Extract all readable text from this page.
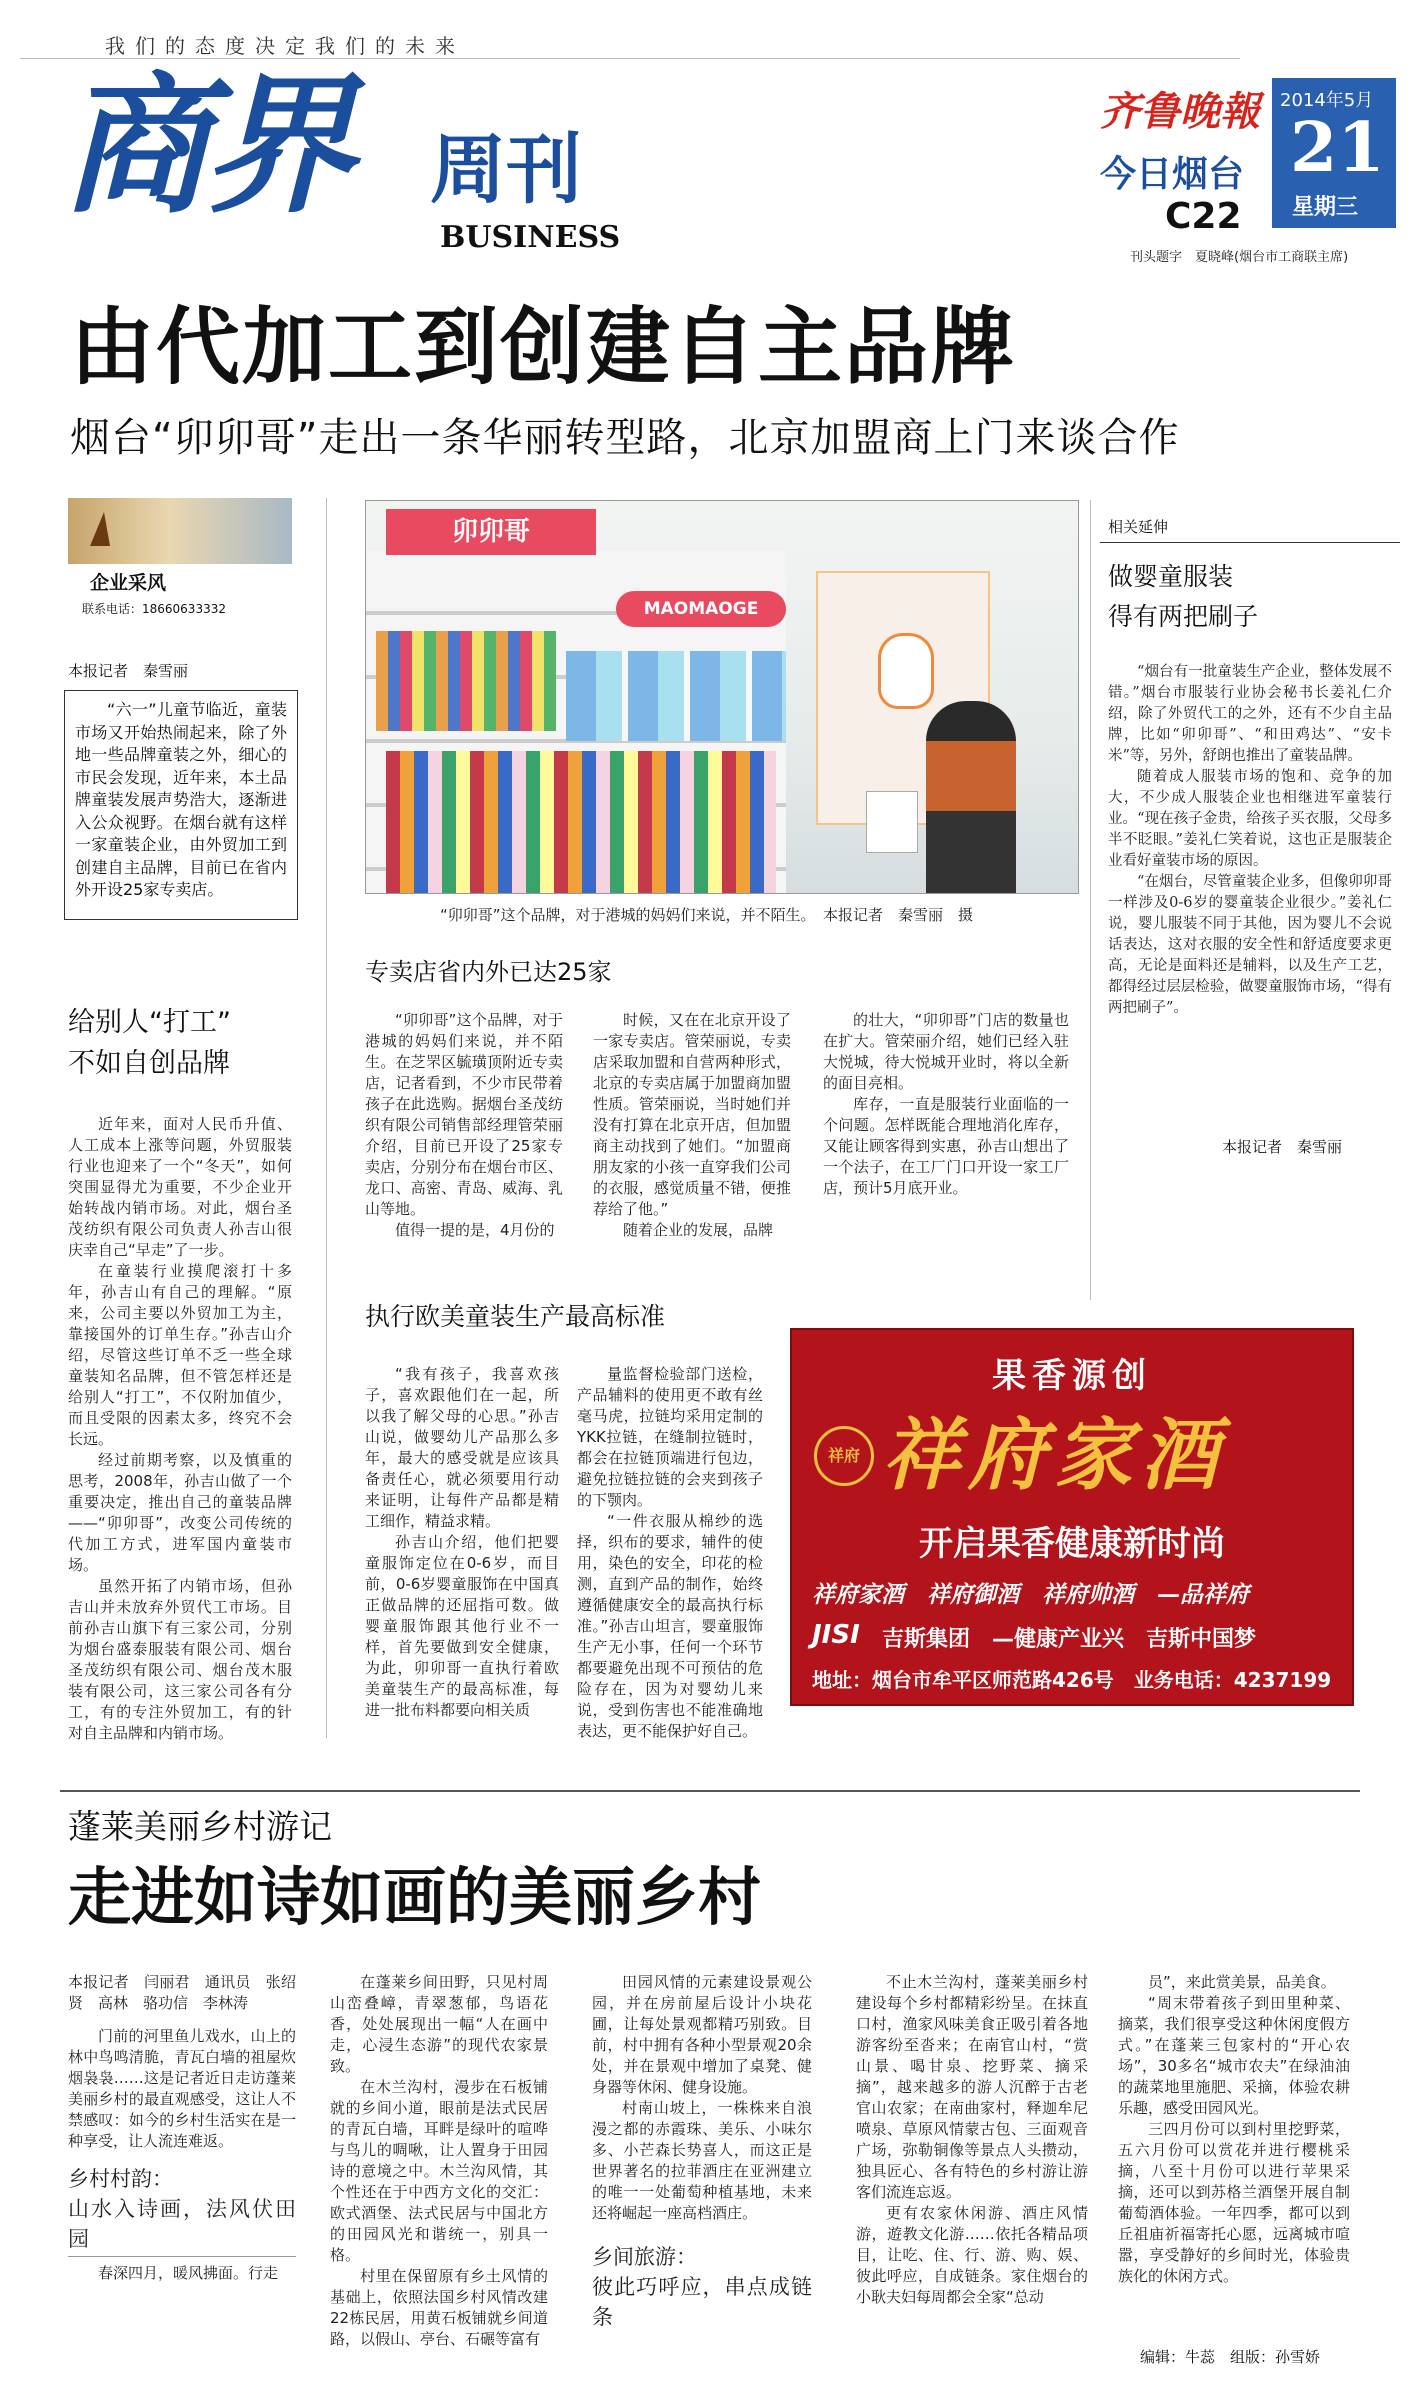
我们的态度决定我们的未来
商界 周刊
BUSINESS
齐鲁晚報
今日烟台
C22
2014年5月
21
星期三
刊头题字　夏晓峰(烟台市工商联主席)
由代加工到创建自主品牌
烟台“卯卯哥”走出一条华丽转型路，北京加盟商上门来谈合作
企业采风
联系电话：18660633332
本报记者　秦雪丽
“六一”儿童节临近，童装市场又开始热闹起来，除了外地一些品牌童装之外，细心的市民会发现，近年来，本土品牌童装发展声势浩大，逐渐进入公众视野。在烟台就有这样一家童装企业，由外贸加工到创建自主品牌，目前已在省内外开设25家专卖店。
卯卯哥
MAOMAOGE
“卯卯哥”这个品牌，对于港城的妈妈们来说，并不陌生。　本报记者　秦雪丽　摄
相关延伸
做婴童服装
得有两把刷子

“烟台有一批童装生产企业，整体发展不错。”烟台市服装行业协会秘书长姜礼仁介绍，除了外贸代工的之外，还有不少自主品牌，比如“卯卯哥”、“和田鸡达”、“安卡米”等，另外，舒朗也推出了童装品牌。

随着成人服装市场的饱和、竞争的加大，不少成人服装企业也相继进军童装行业。“现在孩子金贵，给孩子买衣服，父母多半不眨眼。”姜礼仁笑着说，这也正是服装企业看好童装市场的原因。

“在烟台，尽管童装企业多，但像卯卯哥一样涉及0-6岁的婴童装企业很少。”姜礼仁说，婴儿服装不同于其他，因为婴儿不会说话表达，这对衣服的安全性和舒适度要求更高，无论是面料还是辅料，以及生产工艺，都得经过层层检验，做婴童服饰市场，“得有两把刷子”。

本报记者　秦雪丽
给别人“打工”
不如自创品牌

近年来，面对人民币升值、人工成本上涨等问题，外贸服装行业也迎来了一个“冬天”，如何突围显得尤为重要，不少企业开始转战内销市场。对此，烟台圣茂纺织有限公司负责人孙吉山很庆幸自己“早走”了一步。

在童装行业摸爬滚打十多年，孙吉山有自己的理解。“原来，公司主要以外贸加工为主，靠接国外的订单生存。”孙吉山介绍，尽管这些订单不乏一些全球童装知名品牌，但不管怎样还是给别人“打工”，不仅附加值少，而且受限的因素太多，终究不会长远。

经过前期考察，以及慎重的思考，2008年，孙吉山做了一个重要决定，推出自己的童装品牌——“卯卯哥”，改变公司传统的代加工方式，进军国内童装市场。

虽然开拓了内销市场，但孙吉山并未放弃外贸代工市场。目前孙吉山旗下有三家公司，分别为烟台盛泰服装有限公司、烟台圣茂纺织有限公司、烟台茂木服装有限公司，这三家公司各有分工，有的专注外贸加工，有的针对自主品牌和内销市场。

专卖店省内外已达25家

“卯卯哥”这个品牌，对于港城的妈妈们来说，并不陌生。在芝罘区毓璜顶附近专卖店，记者看到，不少市民带着孩子在此选购。据烟台圣茂纺织有限公司销售部经理管荣丽介绍，目前已开设了25家专卖店，分别分布在烟台市区、龙口、高密、青岛、威海、乳山等地。

值得一提的是，4月份的

时候，又在在北京开设了一家专卖店。管荣丽说，专卖店采取加盟和自营两种形式，北京的专卖店属于加盟商加盟性质。管荣丽说，当时她们并没有打算在北京开店，但加盟商主动找到了她们。“加盟商朋友家的小孩一直穿我们公司的衣服，感觉质量不错，便推荐给了他。”

随着企业的发展，品牌

的壮大，“卯卯哥”门店的数量也在扩大。管荣丽介绍，她们已经入驻大悦城，待大悦城开业时，将以全新的面目亮相。

库存，一直是服装行业面临的一个问题。怎样既能合理地消化库存，又能让顾客得到实惠，孙吉山想出了一个法子，在工厂门口开设一家工厂店，预计5月底开业。

执行欧美童装生产最高标准

“我有孩子，我喜欢孩子，喜欢跟他们在一起，所以我了解父母的心思。”孙吉山说，做婴幼儿产品那么多年，最大的感受就是应该具备责任心，就必须要用行动来证明，让每件产品都是精工细作，精益求精。

孙吉山介绍，他们把婴童服饰定位在0-6岁，而目前，0-6岁婴童服饰在中国真正做品牌的还屈指可数。做婴童服饰跟其他行业不一样，首先要做到安全健康，为此，卯卯哥一直执行着欧美童装生产的最高标准，每进一批布料都要向相关质

量监督检验部门送检，产品辅料的使用更不敢有丝毫马虎，拉链均采用定制的YKK拉链，在缝制拉链时，都会在拉链顶端进行包边，避免拉链拉链的会夹到孩子的下颚肉。

“一件衣服从棉纱的选择，织布的要求，辅件的使用，染色的安全，印花的检测，直到产品的制作，始终遵循健康安全的最高执行标准。”孙吉山坦言，婴童服饰生产无小事，任何一个环节都要避免出现不可预估的危险存在，因为对婴幼儿来说，受到伤害也不能准确地表达，更不能保护好自己。

果香源创
祥府 祥府家酒
开启果香健康新时尚
祥府家酒　祥府御酒　祥府帅酒　—品祥府
JISI 吉斯集团 —健康产业兴　吉斯中国梦
地址：烟台市牟平区师范路426号　业务电话：4237199
蓬莱美丽乡村游记
走进如诗如画的美丽乡村
本报记者　闫丽君　通讯员　张绍贤　高林　骆功信　李林涛

门前的河里鱼儿戏水，山上的林中鸟鸣清脆，青瓦白墙的祖屋炊烟袅袅……这是记者近日走访蓬莱美丽乡村的最直观感受，这让人不禁感叹：如今的乡村生活实在是一种享受，让人流连难返。

乡村村韵：
山水入诗画，法风伏田园

春深四月，暖风拂面。行走

在蓬莱乡间田野，只见村周山峦叠嶂，青翠葱郁，鸟语花香，处处展现出一幅“人在画中走，心浸生态游”的现代农家景致。

在木兰沟村，漫步在石板铺就的乡间小道，眼前是法式民居的青瓦白墙，耳畔是绿叶的喧哗与鸟儿的啁啾，让人置身于田园诗的意境之中。木兰沟风情，其个性还在于中西方文化的交汇：欧式酒堡、法式民居与中国北方的田园风光和谐统一，别具一格。

村里在保留原有乡土风情的基础上，依照法国乡村风情改建22栋民居，用黄石板铺就乡间道路，以假山、亭台、石碾等富有

田园风情的元素建设景观公园，并在房前屋后设计小块花圃，让每处景观都精巧别致。目前，村中拥有各种小型景观20余处，并在景观中增加了桌凳、健身器等休闲、健身设施。

村南山坡上，一株株来自浪漫之都的赤霞珠、美乐、小味尔多、小芒森长势喜人，而这正是世界著名的拉菲酒庄在亚洲建立的唯一一处葡萄种植基地，未来还将崛起一座高档酒庄。

乡间旅游：
彼此巧呼应，串点成链条

不止木兰沟村，蓬莱美丽乡村建设每个乡村都精彩纷呈。在抹直口村，渔家风味美食正吸引着各地游客纷至沓来；在南官山村，“赏山景、喝甘泉、挖野菜、摘采摘”，越来越多的游人沉醉于古老官山农家；在南曲家村，释迦牟尼喷泉、草原风情蒙古包、三面观音广场，弥勒铜像等景点人头攒动，独具匠心、各有特色的乡村游让游客们流连忘返。

更有农家休闲游、酒庄风情游，遊教文化游……依托各精品项目，让吃、住、行、游、购、娱、彼此呼应，自成链条。家住烟台的小耿夫妇每周都会全家“总动

员”，来此赏美景，品美食。

“周末带着孩子到田里种菜、摘菜，我们很享受这种休闲度假方式。”在蓬莱三包家村的“开心农场”，30多名“城市农夫”在绿油油的蔬菜地里施肥、采摘，体验农耕乐趣，感受田园风光。

三四月份可以到村里挖野菜，五六月份可以赏花并进行樱桃采摘，八至十月份可以进行苹果采摘，还可以到苏格兰酒堡开展自制葡萄酒体验。一年四季，都可以到丘祖庙祈福寄托心愿，远离城市喧嚣，享受静好的乡间时光，体验贵族化的休闲方式。

编辑：牛蕊　组版：孙雪娇
